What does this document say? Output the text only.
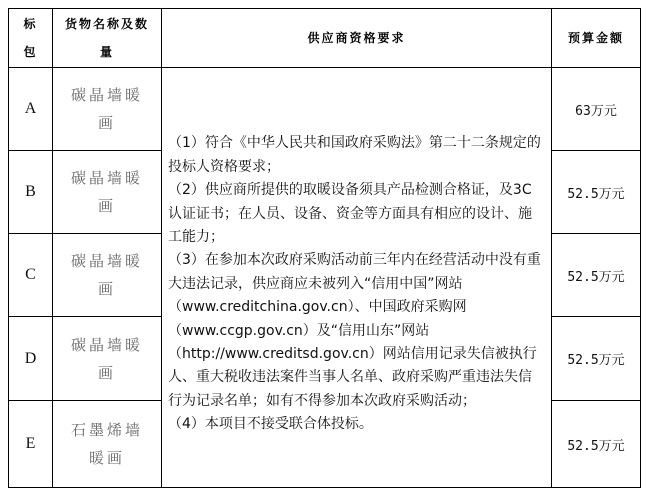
标包
货物名称及数量
供应商资格要求	预算金额
A
碳晶墙暖画
63万元
B
碳晶墙暖画
52.5万元
C
碳晶墙暖画
52.5万元
D
碳晶墙暖画
52.5万元
E
石墨烯墙暖画
52.5万元

（1）符合《中华人民共和国政府采购法》第二十二条规定的投标人资格要求；

（2）供应商所提供的取暖设备须具产品检测合格证，及3C认证证书；在人员、设备、资金等方面具有相应的设计、施工能力；

（3）在参加本次政府采购活动前三年内在经营活动中没有重大违法记录，供应商应未被列入“信用中国”网站（www.creditchina.gov.cn）、中国政府采购网（www.ccgp.gov.cn）及“信用山东”网站（http://www.creditsd.gov.cn）网站信用记录失信被执行人、重大税收违法案件当事人名单、政府采购严重违法失信行为记录名单；如有不得参加本次政府采购活动；

（4）本项目不接受联合体投标。
